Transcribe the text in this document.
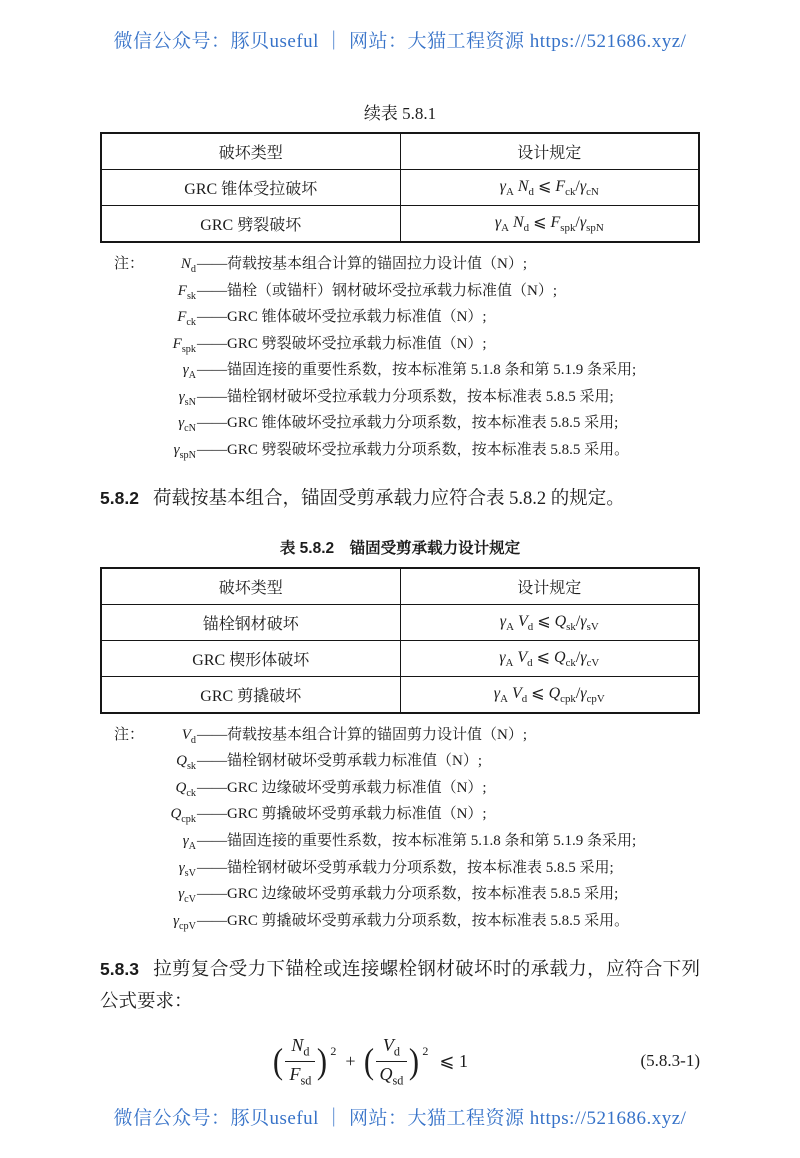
微信公众号：豚贝useful ｜ 网站：大猫工程资源 https://521686.xyz/
续表 5.8.1
破坏类型	设计规定
GRC 锥体受拉破坏	$\gamma_A$ $N_d$ ⩽ $F_{ck}/\gamma_{cN}$
GRC 劈裂破坏	$\gamma_A$ $N_d$ ⩽ $F_{spk}/\gamma_{spN}$
注：	$N_d$ ——荷载按基本组合计算的锚固拉力设计值（N）;
$F_{sk}$ ——锚栓（或锚杆）钢材破坏受拉承载力标准值（N）;
$F_{ck}$ ——GRC 锥体破坏受拉承载力标准值（N）;
$F_{spk}$ ——GRC 劈裂破坏受拉承载力标准值（N）;
$\gamma_A$ ——锚固连接的重要性系数，按本标准第 5.1.8 条和第 5.1.9 条采用;
$\gamma_{sN}$ ——锚栓钢材破坏受拉承载力分项系数，按本标准表 5.8.5 采用;
$\gamma_{cN}$ ——GRC 锥体破坏受拉承载力分项系数，按本标准表 5.8.5 采用;
$\gamma_{spN}$ ——GRC 劈裂破坏受拉承载力分项系数，按本标准表 5.8.5 采用。

5.8.2 荷载按基本组合，锚固受剪承载力应符合表 5.8.2 的规定。

表 5.8.2　锚固受剪承载力设计规定
破坏类型	设计规定
锚栓钢材破坏	$\gamma_A$ $V_d$ ⩽ $Q_{sk}/\gamma_{sV}$
GRC 楔形体破坏	$\gamma_A$ $V_d$ ⩽ $Q_{ck}/\gamma_{cV}$
GRC 剪撬破坏	$\gamma_A$ $V_d$ ⩽ $Q_{cpk}/\gamma_{cpV}$
注：	$V_d$ ——荷载按基本组合计算的锚固剪力设计值（N）;
$Q_{sk}$ ——锚栓钢材破坏受剪承载力标准值（N）;
$Q_{ck}$ ——GRC 边缘破坏受剪承载力标准值（N）;
$Q_{cpk}$ ——GRC 剪撬破坏受剪承载力标准值（N）;
$\gamma_A$ ——锚固连接的重要性系数，按本标准第 5.1.8 条和第 5.1.9 条采用;
$\gamma_{sV}$ ——锚栓钢材破坏受剪承载力分项系数，按本标准表 5.8.5 采用;
$\gamma_{cV}$ ——GRC 边缘破坏受剪承载力分项系数，按本标准表 5.8.5 采用;
$\gamma_{cpV}$ ——GRC 剪撬破坏受剪承载力分项系数，按本标准表 5.8.5 采用。

5.8.3 拉剪复合受力下锚栓或连接螺栓钢材破坏时的承载力，应符合下列公式要求：

( $\frac{N_d}{F_{sd}} )^2$ + ( $\frac{V_d}{Q_{sd}} )^2$ ⩽ 1	(5.8.3-1)
微信公众号：豚贝useful ｜ 网站：大猫工程资源 https://521686.xyz/
